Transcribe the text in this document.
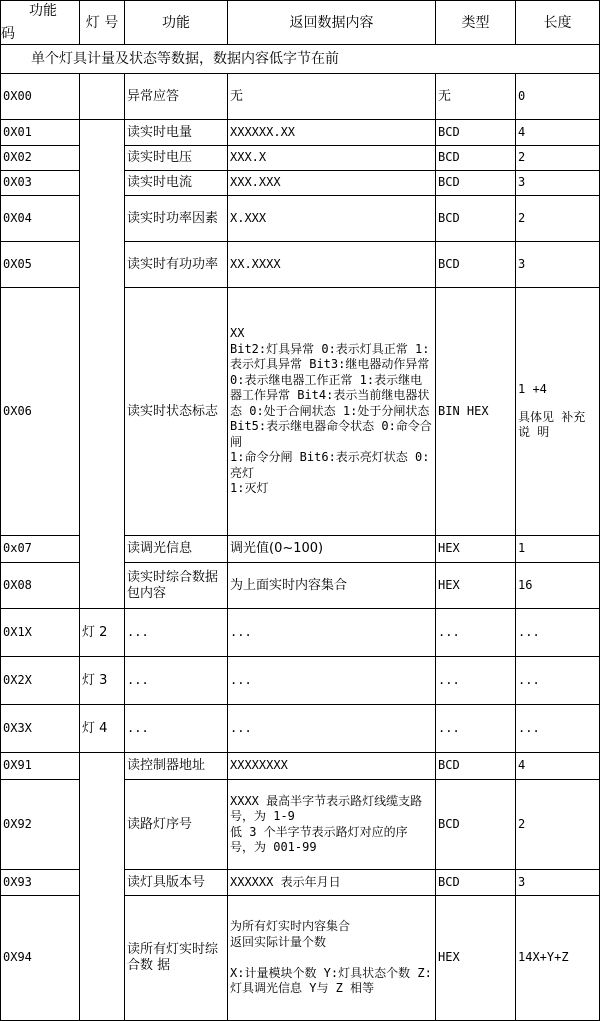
功能
码	灯 号	功能	返回数据内容	类型	长度
单个灯具计量及状态等数据，数据内容低字节在前					
0X00		异常应答	无	无	0
0X01		读实时电量	XXXXXX.XX	BCD	4
0X02		读实时电压	XXX.X	BCD	2
0X03		读实时电流	XXX.XXX	BCD	3
0X04		读实时功率因素	X.XXX	BCD	2
0X05		读实时有功功率	XX.XXXX	BCD	3
0X06		读实时状态标志	XX
Bit2:灯具异常 0:表示灯具正常 1:表示灯具异常 Bit3:继电器动作异常 0:表示继电器工作正常 1:表示继电器工作异常 Bit4:表示当前继电器状态 0:处于合闸状态 1:处于分闸状态 Bit5:表示继电器命令状态 0:命令合闸
1:命令分闸 Bit6:表示亮灯状态 0:亮灯
1:灭灯	BIN HEX	1 +4
具体见 补充说 明

0x07		读调光信息	调光值(0~100)	HEX	1
0X08		读实时综合数据包内容	为上面实时内容集合	HEX	16
0X1X	灯 2	...	...	...	...
0X2X	灯 3	...	...	...	...
0X3X	灯 4	...	...	...	...
0X91		读控制器地址	XXXXXXXX	BCD	4
0X92		读路灯序号	XXXX 最高半字节表示路灯线缆支路 号，为 1-9
低 3 个半字节表示路灯对应的序 号，为 001-99	BCD	2
0X93		读灯具版本号	XXXXXX 表示年月日	BCD	3
0X94		读所有灯实时综合数 据	为所有灯实时内容集合
返回实际计量个数

X:计量模块个数 Y:灯具状态个数 Z:灯具调光信息 Y与 Z 相等	HEX	14X+Y+Z
